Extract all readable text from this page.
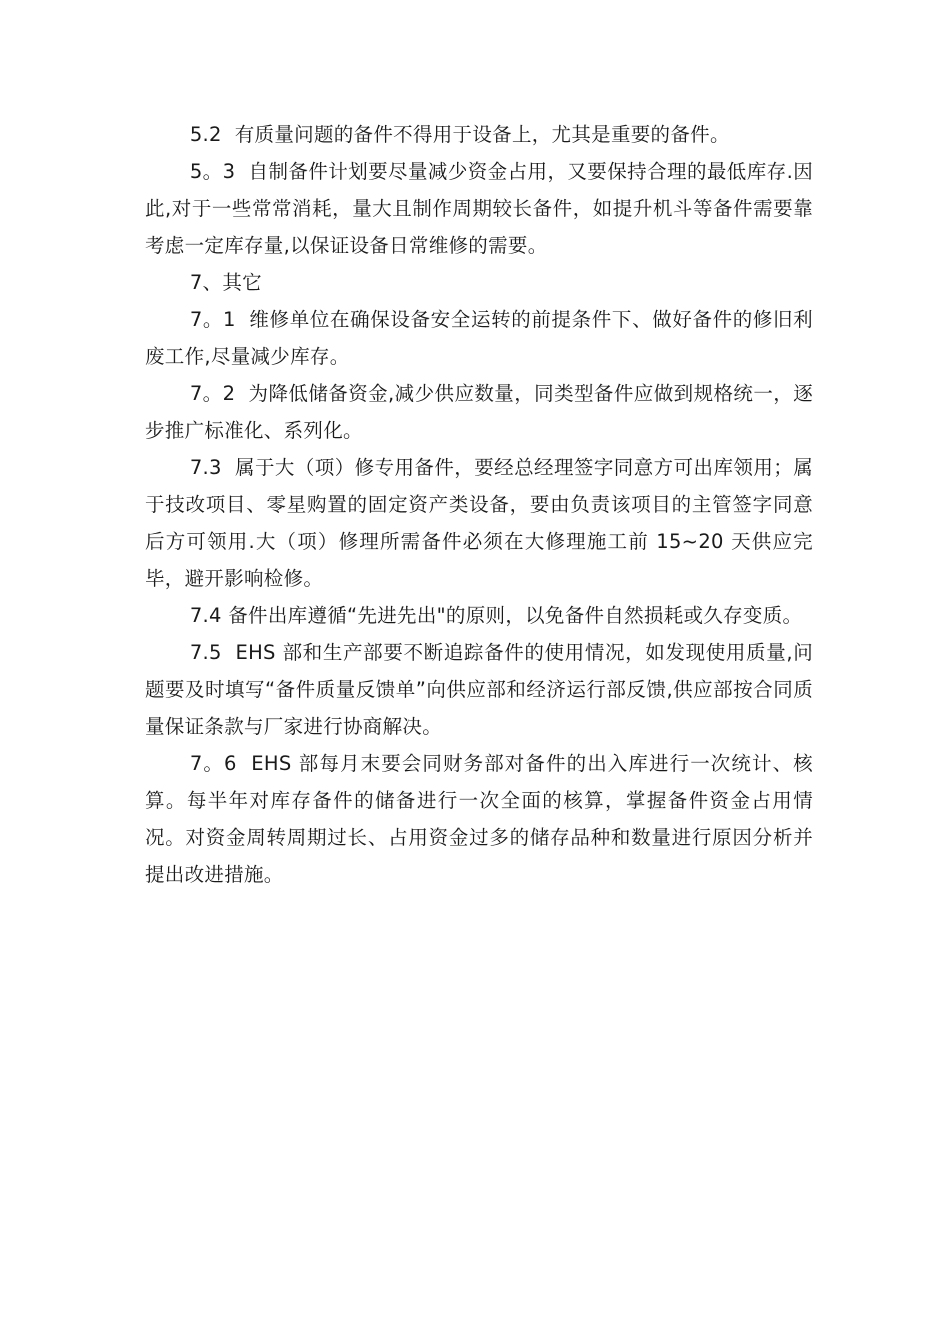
5.2  有质量问题的备件不得用于设备上，尤其是重要的备件。

5。3  自制备件计划要尽量减少资金占用，又要保持合理的最低库存.因此,对于一些常常消耗，量大且制作周期较长备件，如提升机斗等备件需要靠考虑一定库存量,以保证设备日常维修的需要。

7、其它

7。1  维修单位在确保设备安全运转的前提条件下、做好备件的修旧利废工作,尽量减少库存。

7。2  为降低储备资金,减少供应数量，同类型备件应做到规格统一，逐步推广标准化、系列化。

7.3  属于大（项）修专用备件，要经总经理签字同意方可出库领用；属于技改项目、零星购置的固定资产类设备，要由负责该项目的主管签字同意后方可领用.大（项）修理所需备件必须在大修理施工前 15~20 天供应完毕，避开影响检修。

7.4 备件出库遵循“先进先出"的原则，以免备件自然损耗或久存变质。

7.5  EHS 部和生产部要不断追踪备件的使用情况，如发现使用质量,问题要及时填写“备件质量反馈单”向供应部和经济运行部反馈,供应部按合同质量保证条款与厂家进行协商解决。

7。6  EHS 部每月末要会同财务部对备件的出入库进行一次统计、核算。每半年对库存备件的储备进行一次全面的核算，掌握备件资金占用情况。对资金周转周期过长、占用资金过多的储存品种和数量进行原因分析并提出改进措施。
